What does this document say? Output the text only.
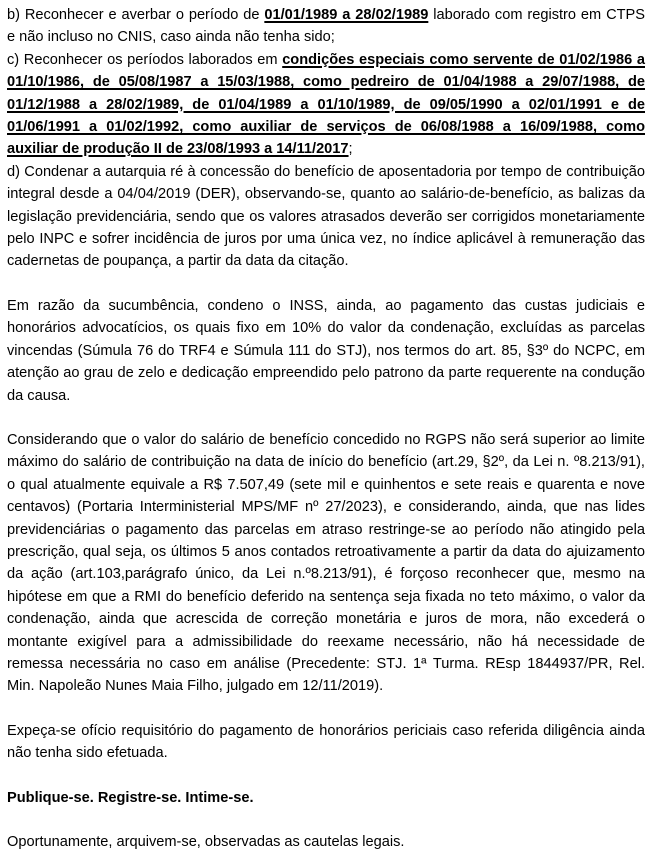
b) Reconhecer e averbar o período de 01/01/1989 a 28/02/1989 laborado com registro em CTPS e não incluso no CNIS, caso ainda não tenha sido;

c) Reconhecer os períodos laborados em condições especiais como servente de 01/02/1986 a 01/10/1986, de 05/08/1987 a 15/03/1988, como pedreiro de 01/04/1988 a 29/07/1988, de 01/12/1988 a 28/02/1989, de 01/04/1989 a 01/10/1989, de 09/05/1990 a 02/01/1991 e de 01/06/1991 a 01/02/1992, como auxiliar de serviços de 06/08/1988 a 16/09/1988, como auxiliar de produção II de 23/08/1993 a 14/11/2017;

d) Condenar a autarquia ré à concessão do benefício de aposentadoria por tempo de contribuição integral desde a 04/04/2019 (DER), observando-se, quanto ao salário-de-benefício, as balizas da legislação previdenciária, sendo que os valores atrasados deverão ser corrigidos monetariamente pelo INPC e sofrer incidência de juros por uma única vez, no índice aplicável à remuneração das cadernetas de poupança, a partir da data da citação.

Em razão da sucumbência, condeno o INSS, ainda, ao pagamento das custas judiciais e honorários advocatícios, os quais fixo em 10% do valor da condenação, excluídas as parcelas vincendas (Súmula 76 do TRF4 e Súmula 111 do STJ), nos termos do art. 85, §3º do NCPC, em atenção ao grau de zelo e dedicação empreendido pelo patrono da parte requerente na condução da causa.

Considerando que o valor do salário de benefício concedido no RGPS não será superior ao limite máximo do salário de contribuição na data de início do benefício (art.29, §2º, da Lei n. º8.213/91), o qual atualmente equivale a R$ 7.507,49 (sete mil e quinhentos e sete reais e quarenta e nove centavos) (Portaria Interministerial MPS/MF nº 27/2023), e considerando, ainda, que nas lides previdenciárias o pagamento das parcelas em atraso restringe-se ao período não atingido pela prescrição, qual seja, os últimos 5 anos contados retroativamente a partir da data do ajuizamento da ação (art.103,parágrafo único, da Lei n.º8.213/91), é forçoso reconhecer que, mesmo na hipótese em que a RMI do benefício deferido na sentença seja fixada no teto máximo, o valor da condenação, ainda que acrescida de correção monetária e juros de mora, não excederá o montante exigível para a admissibilidade do reexame necessário, não há necessidade de remessa necessária no caso em análise (Precedente: STJ. 1ª Turma. REsp 1844937/PR, Rel. Min. Napoleão Nunes Maia Filho, julgado em 12/11/2019).

Expeça-se ofício requisitório do pagamento de honorários periciais caso referida diligência ainda não tenha sido efetuada.

Publique-se. Registre-se. Intime-se.

Oportunamente, arquivem-se, observadas as cautelas legais.
